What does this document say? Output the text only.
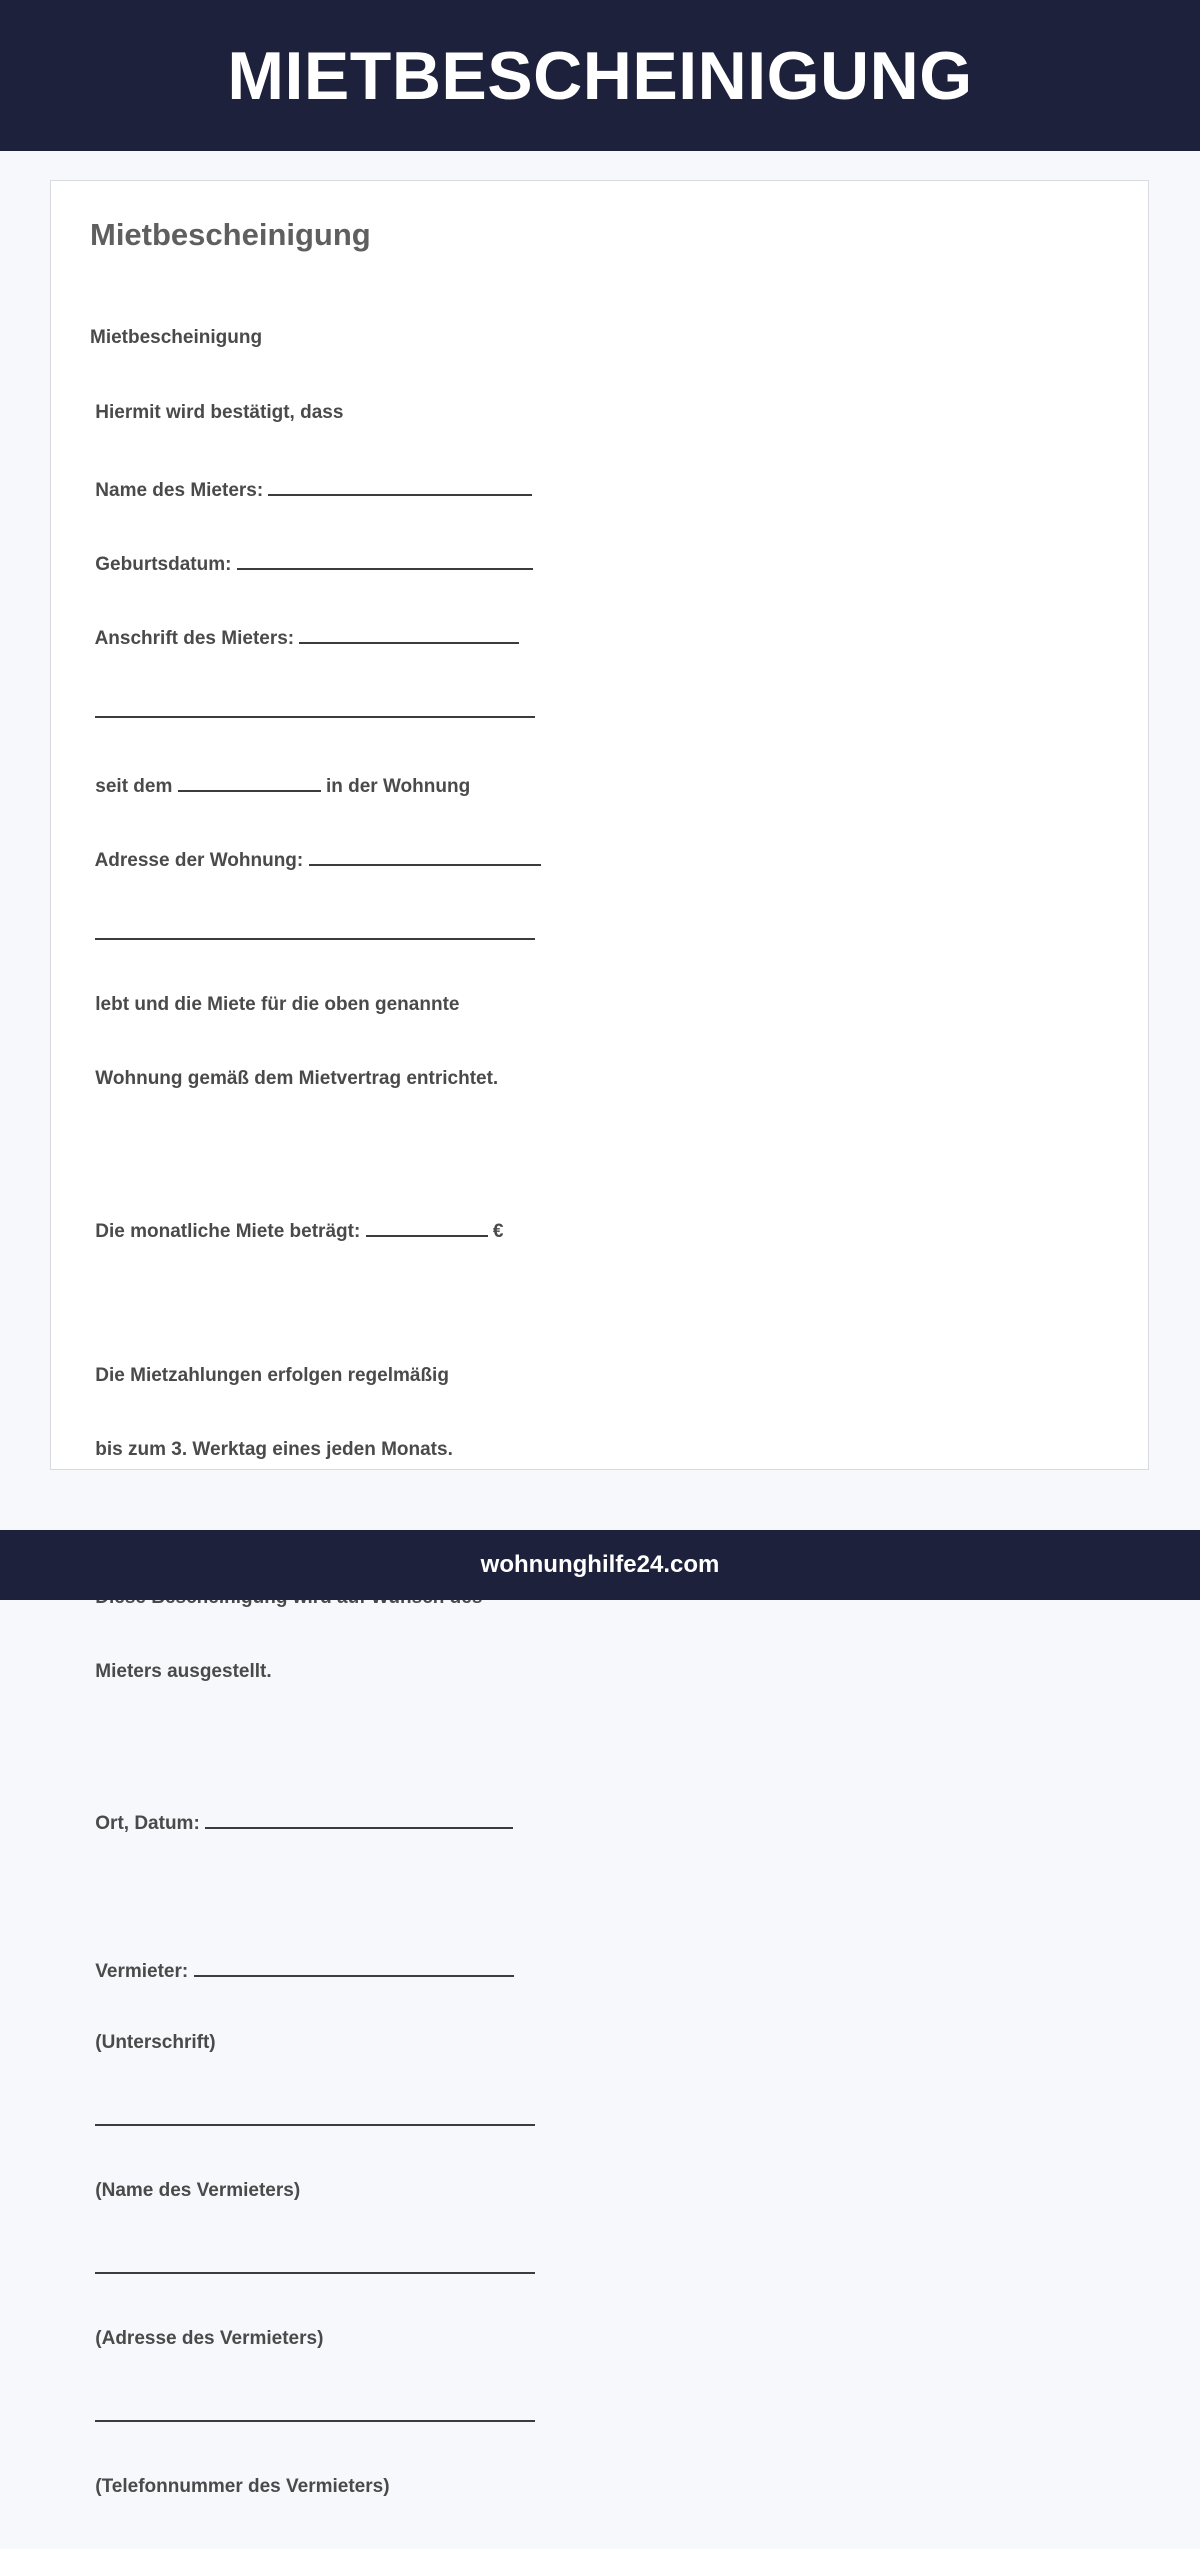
MIETBESCHEINIGUNG
Mietbescheinigung

Mietbescheinigung

Hiermit wird bestätigt, dass

Name des Mieters:

Geburtsdatum:

Anschrift des Mieters:

seit dem	in der Wohnung

Adresse der Wohnung:

lebt und die Miete für die oben genannte

Wohnung gemäß dem Mietvertrag entrichtet.

Die monatliche Miete beträgt:	€

Die Mietzahlungen erfolgen regelmäßig

bis zum 3. Werktag eines jeden Monats.

Mieters ausgestellt.

Ort, Datum:

Vermieter:

(Unterschrift)

(Name des Vermieters)

(Adresse des Vermieters)

(Telefonnummer des Vermieters)

wohnunghilfe24.com
